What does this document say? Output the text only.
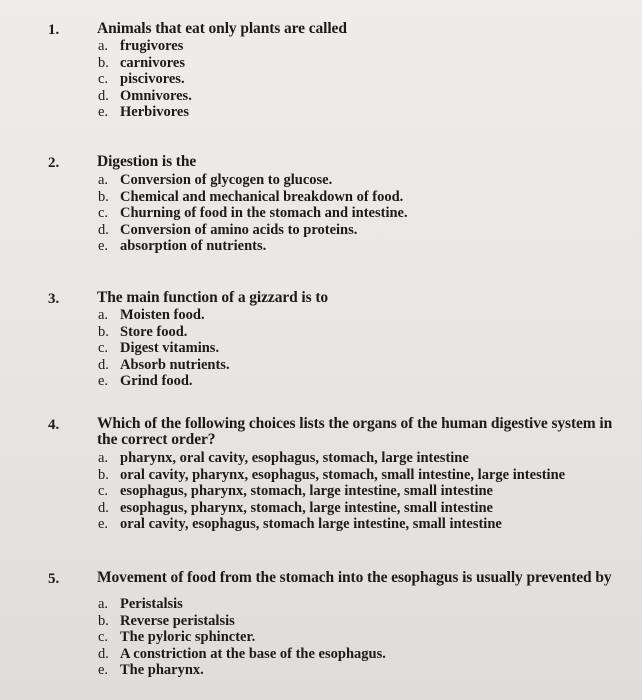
1. Animals that eat only plants are called
a. frugivores
b. carnivores
c. piscivores.
d. Omnivores.
e. Herbivores
2. Digestion is the
a. Conversion of glycogen to glucose.
b. Chemical and mechanical breakdown of food.
c. Churning of food in the stomach and intestine.
d. Conversion of amino acids to proteins.
e. absorption of nutrients.
3. The main function of a gizzard is to
a. Moisten food.
b. Store food.
c. Digest vitamins.
d. Absorb nutrients.
e. Grind food.
4. Which of the following choices lists the organs of the human digestive system in the correct order?
a. pharynx, oral cavity, esophagus, stomach, large intestine
b. oral cavity, pharynx, esophagus, stomach, small intestine, large intestine
c. esophagus, pharynx, stomach, large intestine, small intestine
d. esophagus, pharynx, stomach, large intestine, small intestine
e. oral cavity, esophagus, stomach large intestine, small intestine
5. Movement of food from the stomach into the esophagus is usually prevented by
a. Peristalsis
b. Reverse peristalsis
c. The pyloric sphincter.
d. A constriction at the base of the esophagus.
e. The pharynx.
